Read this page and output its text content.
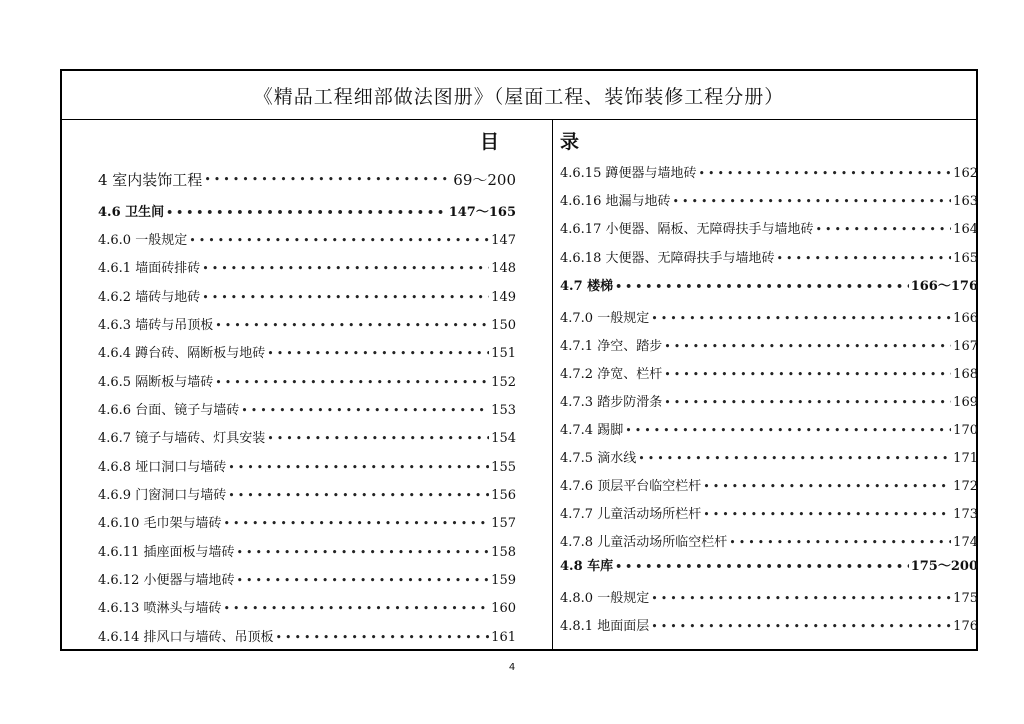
《精品工程细部做法图册》（屋面工程、装饰装修工程分册）
目
4 室内装饰工程 •••••	69～200
4.6 卫生间 •••••	147～165
4.6.0 一般规定 •••••	147
4.6.1 墙面砖排砖 •••••	148
4.6.2 墙砖与地砖 •••••	149
4.6.3 墙砖与吊顶板 •••••	150
4.6.4 蹲台砖、隔断板与地砖 •••••	151
4.6.5 隔断板与墙砖 •••••	152
4.6.6 台面、镜子与墙砖 •••••	153
4.6.7 镜子与墙砖、灯具安装 •••••	154
4.6.8 垭口洞口与墙砖 •••••	155
4.6.9 门窗洞口与墙砖 •••••	156
4.6.10 毛巾架与墙砖 •••••	157
4.6.11 插座面板与墙砖 •••••	158
4.6.12 小便器与墙地砖 •••••	159
4.6.13 喷淋头与墙砖 •••••	160
4.6.14 排风口与墙砖、吊顶板 •••••	161
录
4.6.15 蹲便器与墙地砖 •••••	162
4.6.16 地漏与地砖 •••••	163
4.6.17 小便器、隔板、无障碍扶手与墙地砖 •••••	164
4.6.18 大便器、无障碍扶手与墙地砖 •••••	165
4.7 楼梯 •••••	166～176
4.7.0 一般规定 •••••	166
4.7.1 净空、踏步 •••••	167
4.7.2 净宽、栏杆 •••••	168
4.7.3 踏步防滑条 •••••	169
4.7.4 踢脚 •••••	170
4.7.5 滴水线 •••••	171
4.7.6 顶层平台临空栏杆 •••••	172
4.7.7 儿童活动场所栏杆 •••••	173
4.7.8 儿童活动场所临空栏杆 •••••	174
4.8 车库 •••••	175～200
4.8.0 一般规定 •••••	175
4.8.1 地面面层 •••••	176
4
